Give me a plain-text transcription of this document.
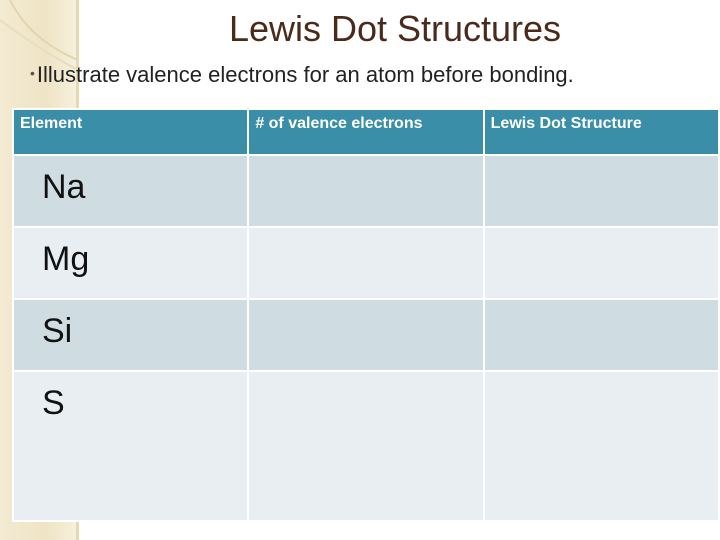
Lewis Dot Structures
•Illustrate valence electrons for an atom before bonding.
Element	# of valence electrons	Lewis Dot Structure
Na		
Mg		
Si		
S		
